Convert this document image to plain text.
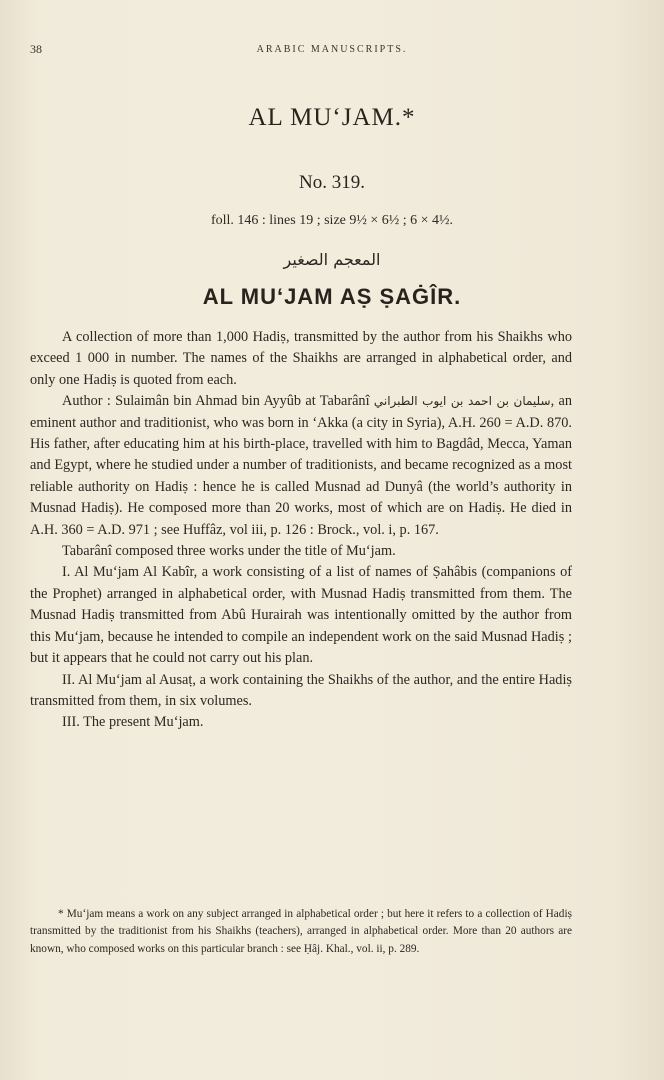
38	ARABIC MANUSCRIPTS.
AL MU‘JAM.*
No. 319.
foll. 146 : lines 19 ; size 9½ × 6½ ; 6 × 4½.
المعجم الصغير
AL MU‘JAM AṢ ṢAĠÎR.

A collection of more than 1,000 Hadiṣ, transmitted by the author from his Shaikhs who exceed 1 000 in number. The names of the Shaikhs are arranged in alphabetical order, and only one Hadiṣ is quoted from each.

Author : Sulaimân bin Ahmad bin Ayyûb at Tabarânî سليمان بن احمد بن ايوب الطبراني, an eminent author and traditionist, who was born in ‘Akka (a city in Syria), A.H. 260 = A.D. 870. His father, after educating him at his birth-place, travelled with him to Bagdâd, Mecca, Yaman and Egypt, where he studied under a number of traditionists, and became recognized as a most reliable authority on Hadiṣ : hence he is called Musnad ad Dunyâ (the world’s authority in Musnad Hadiṣ). He composed more than 20 works, most of which are on Hadiṣ. He died in A.H. 360 = A.D. 971 ; see Huffâz, vol iii, p. 126 : Brock., vol. i, p. 167.

Tabarânî composed three works under the title of Mu‘jam.

I. Al Mu‘jam Al Kabîr, a work consisting of a list of names of Ṣahâbis (companions of the Prophet) arranged in alphabetical order, with Musnad Hadiṣ transmitted from them. The Musnad Hadiṣ transmitted from Abû Hurairah was intentionally omitted by the author from this Mu‘jam, because he intended to compile an independent work on the said Musnad Hadiṣ ; but it appears that he could not carry out his plan.

II. Al Mu‘jam al Ausaṭ, a work containing the Shaikhs of the author, and the entire Hadiṣ transmitted from them, in six volumes.

III. The present Mu‘jam.

* Mu‘jam means a work on any subject arranged in alphabetical order ; but here it refers to a collection of Hadiṣ transmitted by the traditionist from his Shaikhs (teachers), arranged in alphabetical order. More than 20 authors are known, who composed works on this particular branch : see Ḥâj. Khal., vol. ii, p. 289.
